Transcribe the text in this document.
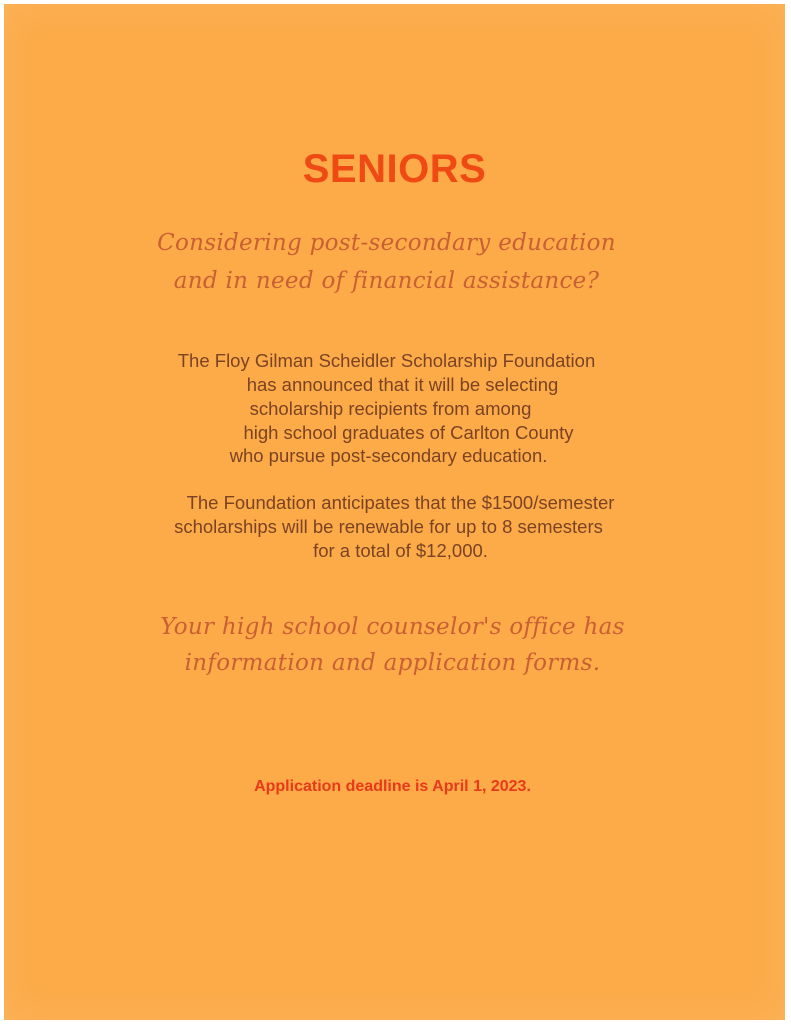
SENIORS

Considering post-secondary education

and in need of financial assistance?

The Floy Gilman Scheidler Scholarship Foundation

has announced that it will be selecting

scholarship recipients from among

high school graduates of Carlton County

who pursue post-secondary education.

The Foundation anticipates that the $1500/semester

scholarships will be renewable for up to 8 semesters

for a total of $12,000.

Your high school counselor's office has

information and application forms.

Application deadline is April 1, 2023.
